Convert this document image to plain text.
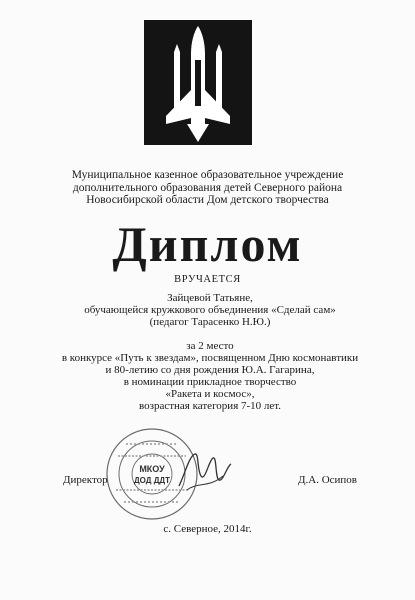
Муниципальное казенное образовательное учреждение
дополнительного образования детей Северного района
Новосибирской области Дом детского творчества
Диплом
ВРУЧАЕТСЯ
Зайцевой Татьяне,
обучающейся кружкового объединения «Сделай сам»
(педагог Тарасенко Н.Ю.)
за 2 место
в конкурсе «Путь к звездам», посвященном Дню космонавтики
и 80-летию со дня рождения Ю.А. Гагарина,
в номинации прикладное творчество
«Ракета и космос»,
возрастная категория 7-10 лет.
МКОУ
ДОД ДДТ
Директор	Д.А. Осипов
с. Северное, 2014г.
